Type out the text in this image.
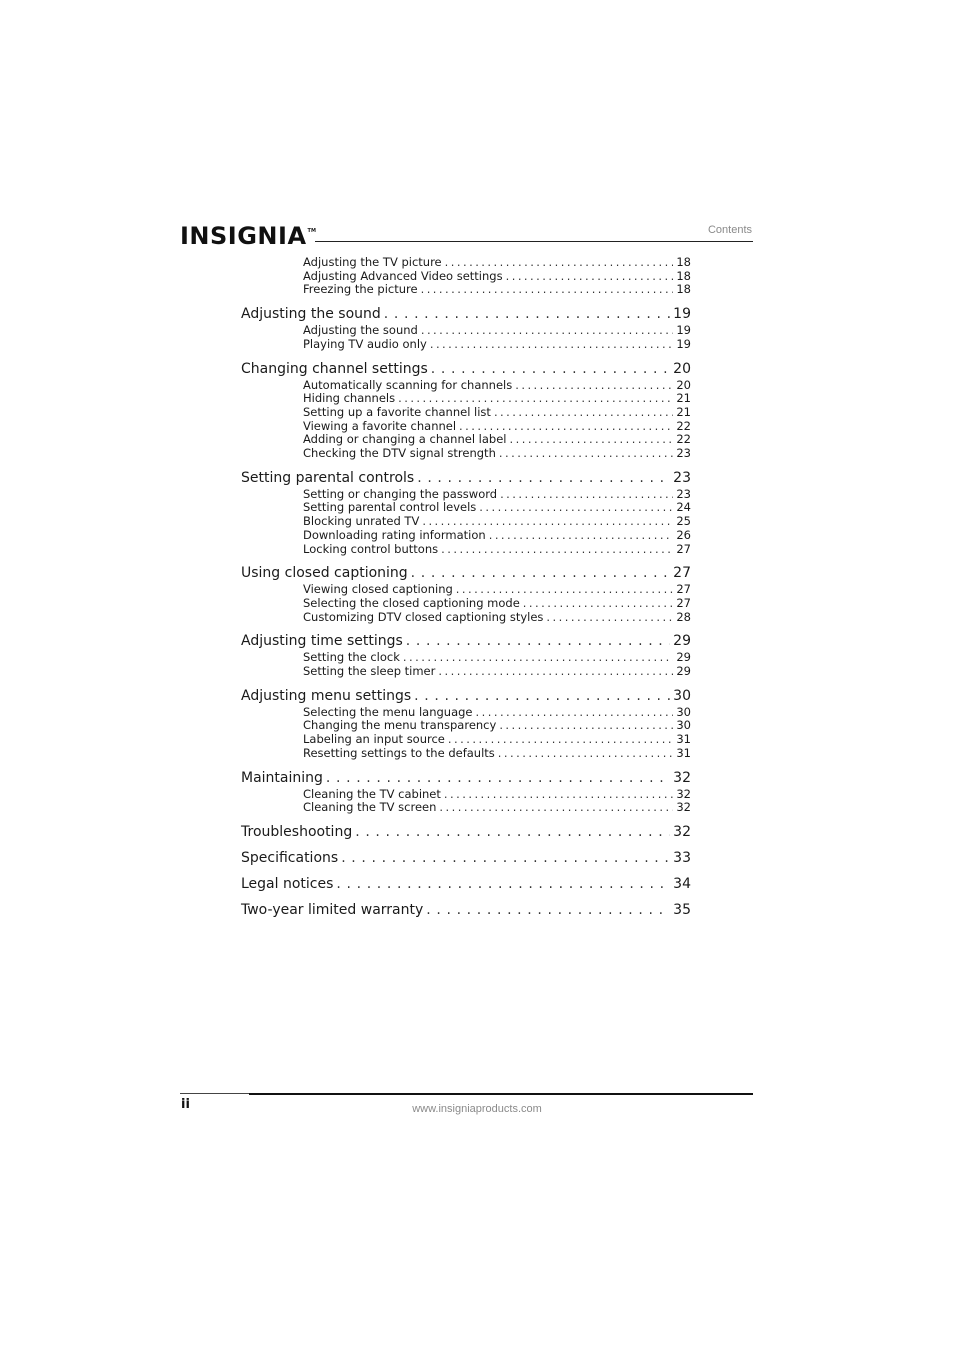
INSIGNIA TM	Contents
Adjusting the TV picture . . .	18
Adjusting Advanced Video settings . . .	18
Freezing the picture . . .	18
Adjusting the sound . . .	19
Adjusting the sound . . .	19
Playing TV audio only . . .	19
Changing channel settings . . .	20
Automatically scanning for channels . . .	20
Hiding channels . . .	21
Setting up a favorite channel list . . .	21
Viewing a favorite channel . . .	22
Adding or changing a channel label . . .	22
Checking the DTV signal strength . . .	23
Setting parental controls . . .	23
Setting or changing the password . . .	23
Setting parental control levels . . .	24
Blocking unrated TV . . .	25
Downloading rating information . . .	26
Locking control buttons . . .	27
Using closed captioning . . .	27
Viewing closed captioning . . .	27
Selecting the closed captioning mode . . .	27
Customizing DTV closed captioning styles . . .	28
Adjusting time settings . . .	29
Setting the clock . . .	29
Setting the sleep timer . . .	29
Adjusting menu settings . . .	30
Selecting the menu language . . .	30
Changing the menu transparency . . .	30
Labeling an input source . . .	31
Resetting settings to the defaults . . .	31
Maintaining . . .	32
Cleaning the TV cabinet . . .	32
Cleaning the TV screen . . .	32
Troubleshooting . . .	32
Specifications . . .	33
Legal notices . . .	34
Two-year limited warranty . . .	35
ii	www.insigniaproducts.com
